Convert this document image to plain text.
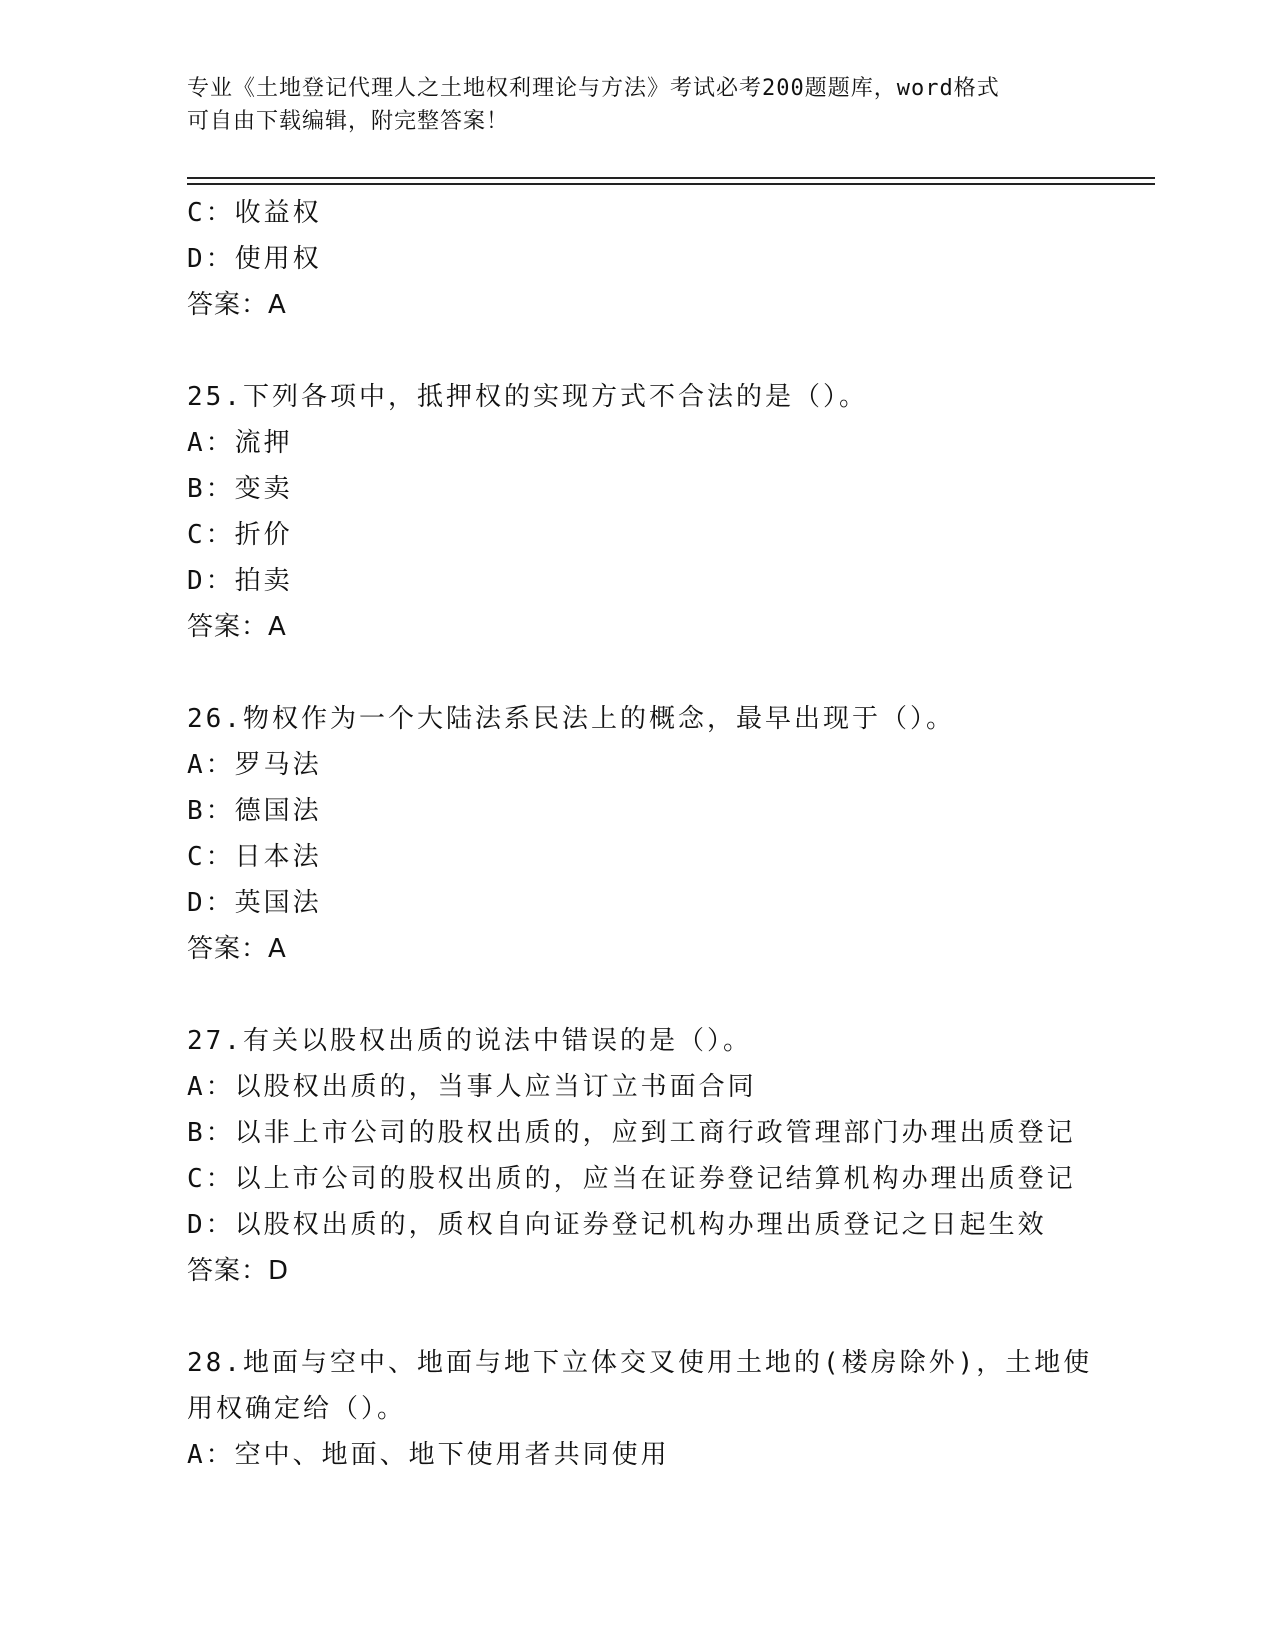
专业《土地登记代理人之土地权利理论与方法》考试必考200题题库，word格式
可自由下载编辑，附完整答案！
C：收益权
D：使用权
答案：A
25.下列各项中，抵押权的实现方式不合法的是（）。
A：流押
B：变卖
C：折价
D：拍卖
答案：A
26.物权作为一个大陆法系民法上的概念，最早出现于（）。
A：罗马法
B：德国法
C：日本法
D：英国法
答案：A
27.有关以股权出质的说法中错误的是（）。
A：以股权出质的，当事人应当订立书面合同
B：以非上市公司的股权出质的，应到工商行政管理部门办理出质登记
C：以上市公司的股权出质的，应当在证券登记结算机构办理出质登记
D：以股权出质的，质权自向证券登记机构办理出质登记之日起生效
答案：D
28.地面与空中、地面与地下立体交叉使用土地的(楼房除外)，土地使
用权确定给（）。
A：空中、地面、地下使用者共同使用
